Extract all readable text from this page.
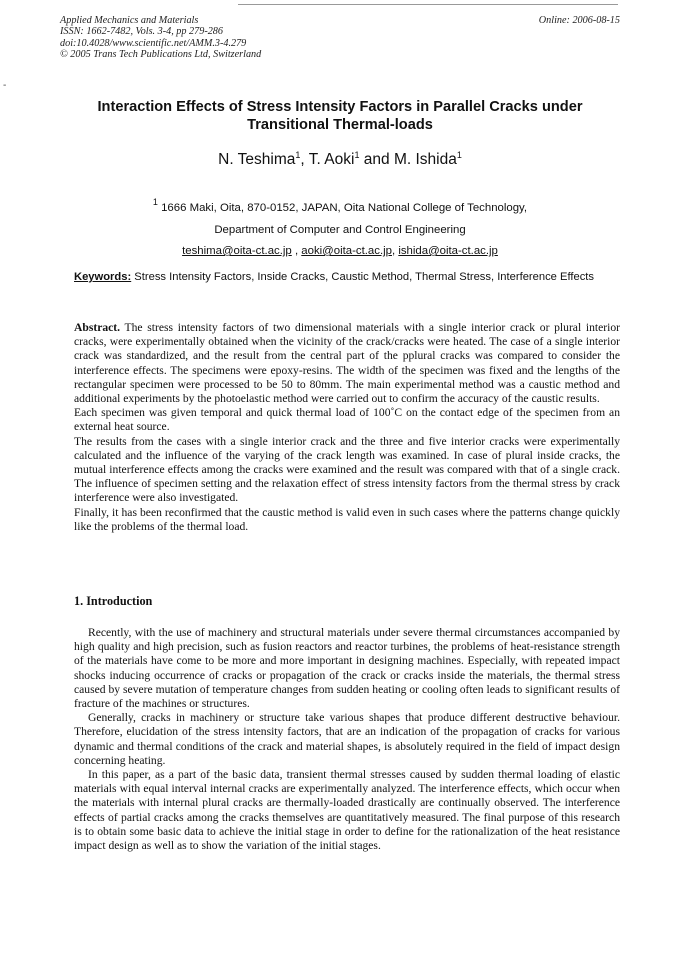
Applied Mechanics and Materials
ISSN: 1662-7482, Vols. 3-4, pp 279-286
doi:10.4028/www.scientific.net/AMM.3-4.279
© 2005 Trans Tech Publications Ltd, Switzerland
Online: 2006-08-15
-
Interaction Effects of Stress Intensity Factors in Parallel Cracks under
Transitional Thermal-loads
N. Teshima$^1$, T. Aoki$^1$ and M. Ishida$^1$
$^1$ 1666 Maki, Oita, 870-0152, JAPAN, Oita National College of Technology,
Department of Computer and Control Engineering
teshima@oita-ct.ac.jp , aoki@oita-ct.ac.jp, ishida@oita-ct.ac.jp
Keywords: Stress Intensity Factors, Inside Cracks, Caustic Method, Thermal Stress, Interference Effects

Abstract. The stress intensity factors of two dimensional materials with a single interior crack or plural interior cracks, were experimentally obtained when the vicinity of the crack/cracks were heated. The case of a single interior crack was standardized, and the result from the central part of the pplural cracks was compared to consider the interference effects. The specimens were epoxy-resins. The width of the specimen was fixed and the lengths of the rectangular specimen were processed to be 50 to 80mm. The main experimental method was a caustic method and additional experiments by the photoelastic method were carried out to confirm the accuracy of the caustic results.

Each specimen was given temporal and quick thermal load of 100˚C on the contact edge of the specimen from an external heat source.

The results from the cases with a single interior crack and the three and five interior cracks were experimentally calculated and the influence of the varying of the crack length was examined. In case of plural inside cracks, the mutual interference effects among the cracks were examined and the result was compared with that of a single crack. The influence of specimen setting and the relaxation effect of stress intensity factors from the thermal stress by crack interference were also investigated.

Finally, it has been reconfirmed that the caustic method is valid even in such cases where the patterns change quickly like the problems of the thermal load.

1. Introduction

Recently, with the use of machinery and structural materials under severe thermal circumstances accompanied by high quality and high precision, such as fusion reactors and reactor turbines, the problems of heat-resistance strength of the materials have come to be more and more important in designing machines. Especially, with repeated impact shocks inducing occurrence of cracks or propagation of the crack or cracks inside the materials, the thermal stress caused by severe mutation of temperature changes from sudden heating or cooling often leads to significant results of fracture of the machines or structures.

Generally, cracks in machinery or structure take various shapes that produce different destructive behaviour. Therefore, elucidation of the stress intensity factors, that are an indication of the propagation of cracks for various dynamic and thermal conditions of the crack and material shapes, is absolutely required in the field of impact design concerning heating.

In this paper, as a part of the basic data, transient thermal stresses caused by sudden thermal loading of elastic materials with equal interval internal cracks are experimentally analyzed. The interference effects, which occur when the materials with internal plural cracks are thermally-loaded drastically are continually observed. The interference effects of partial cracks among the cracks themselves are quantitatively measured. The final purpose of this research is to obtain some basic data to achieve the initial stage in order to define for the rationalization of the heat resistance impact design as well as to show the variation of the initial stages.
